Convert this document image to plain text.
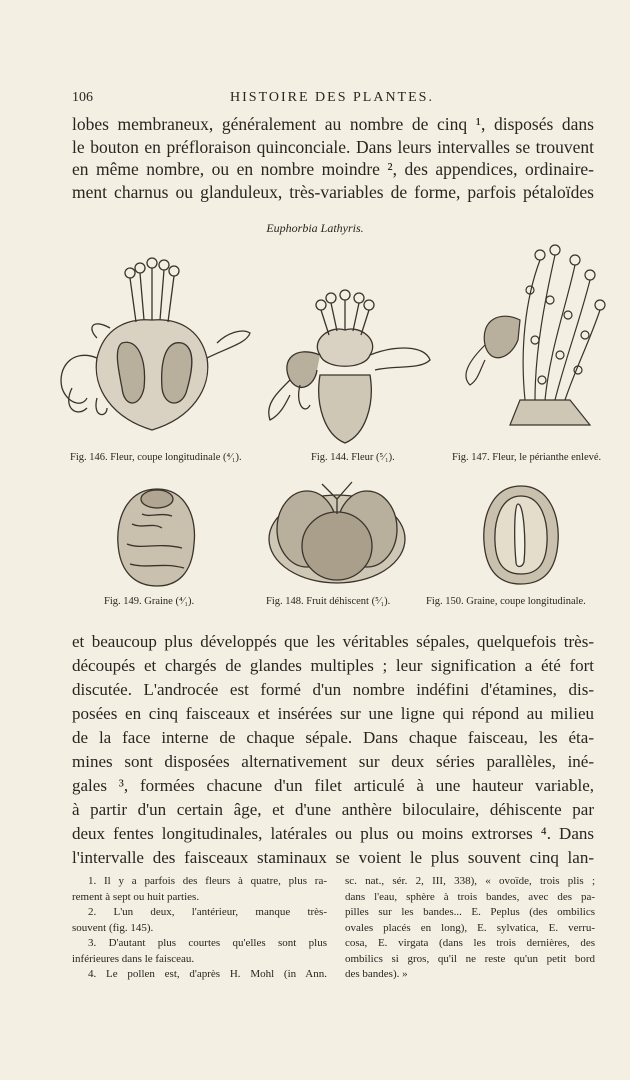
106	HISTOIRE DES PLANTES.
lobes membraneux, généralement au nombre de cinq ¹, disposés dans
le bouton en préfloraison quinconciale. Dans leurs intervalles se trouvent
en même nombre, ou en nombre moindre ², des appendices, ordinaire-
ment charnus ou glanduleux, très-variables de forme, parfois pétaloïdes
Euphorbia Lathyris.
Fig. 146. Fleur, coupe longitudinale (⁴⁄₁).	Fig. 144. Fleur (⁵⁄₁).	Fig. 147. Fleur, le périanthe enlevé.
Fig. 149. Graine (⁴⁄₁).	Fig. 148. Fruit déhiscent (⁵⁄₁).	Fig. 150. Graine, coupe longitudinale.
et beaucoup plus développés que les véritables sépales, quelquefois très-
découpés et chargés de glandes multiples ; leur signification a été fort
discutée. L'androcée est formé d'un nombre indéfini d'étamines, dis-
posées en cinq faisceaux et insérées sur une ligne qui répond au milieu
de la face interne de chaque sépale. Dans chaque faisceau, les éta-
mines sont disposées alternativement sur deux séries parallèles, iné-
gales ³, formées chacune d'un filet articulé à une hauteur variable,
à partir d'un certain âge, et d'une anthère biloculaire, déhiscente par
deux fentes longitudinales, latérales ou plus ou moins extrorses ⁴. Dans
l'intervalle des faisceaux staminaux se voient le plus souvent cinq lan-
1. Il y a parfois des fleurs à quatre, plus ra-
rement à sept ou huit parties.
2. L'un deux, l'antérieur, manque très-
souvent (fig. 145).
3. D'autant plus courtes qu'elles sont plus
inférieures dans le faisceau.
4. Le pollen est, d'après H. Mohl (in Ann.
sc. nat., sér. 2, III, 338), « ovoïde, trois plis ;
dans l'eau, sphère à trois bandes, avec des pa-
pilles sur les bandes... E. Peplus (des ombilics
ovales placés en long), E. sylvatica, E. verru-
cosa, E. virgata (dans les trois dernières, des
ombilics si gros, qu'il ne reste qu'un petit bord
des bandes). »
